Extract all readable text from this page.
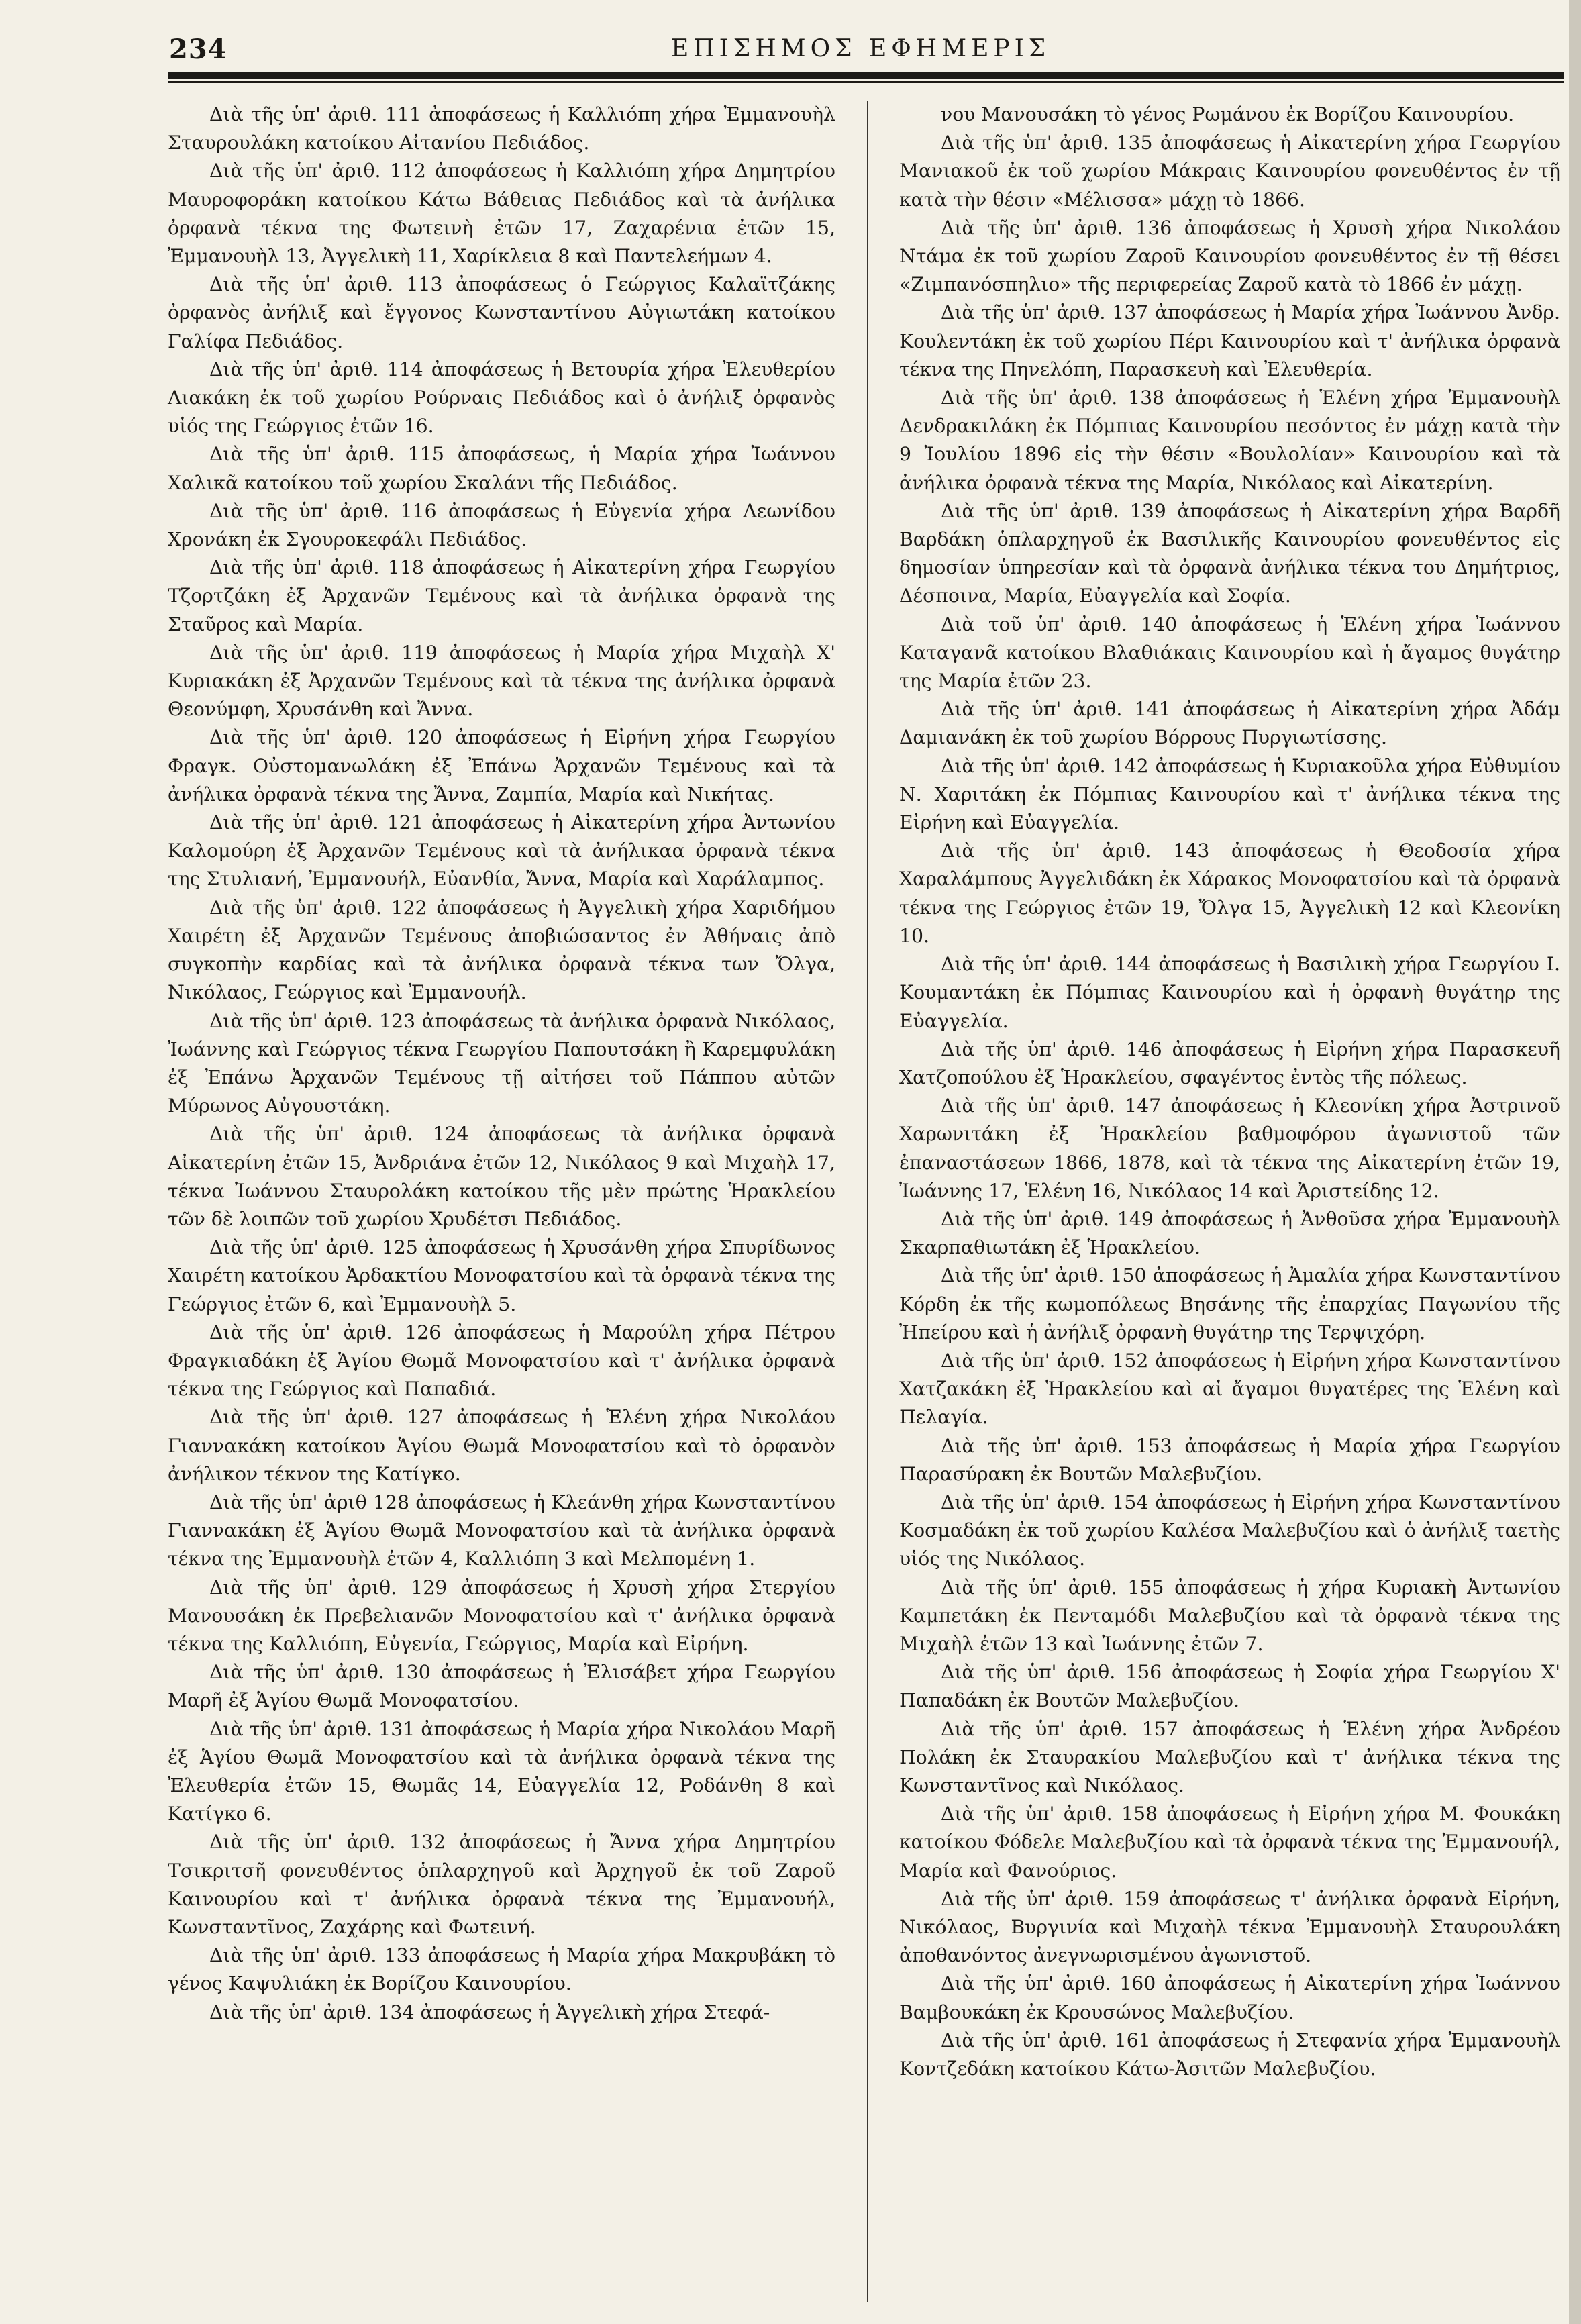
234	ΕΠΙΣΗΜΟΣ ΕΦΗΜΕΡΙΣ

Διὰ τῆς ὑπ' ἀριθ. 111 ἀποφάσεως ἡ Καλλιόπη χήρα Ἐμμανουὴλ Σταυρουλάκη κατοίκου Αἰτανίου Πεδιάδος.

Διὰ τῆς ὑπ' ἀριθ. 112 ἀποφάσεως ἡ Καλλιόπη χήρα Δημητρίου Μαυροφοράκη κατοίκου Κάτω Βάθειας Πεδιάδος καὶ τὰ ἀνήλικα ὀρφανὰ τέκνα της Φωτεινὴ ἐτῶν 17, Ζαχαρένια ἐτῶν 15, Ἐμμανουὴλ 13, Ἀγγελικὴ 11, Χαρίκλεια 8 καὶ Παντελεήμων 4.

Διὰ τῆς ὑπ' ἀριθ. 113 ἀποφάσεως ὁ Γεώργιος Καλαϊτζάκης ὀρφανὸς ἀνήλιξ καὶ ἔγγονος Κωνσταντίνου Αὐγιωτάκη κατοίκου Γαλίφα Πεδιάδος.

Διὰ τῆς ὑπ' ἀριθ. 114 ἀποφάσεως ἡ Βετουρία χήρα Ἐλευθερίου Λιακάκη ἐκ τοῦ χωρίου Ρούρναις Πεδιάδος καὶ ὁ ἀνήλιξ ὀρφανὸς υἱός της Γεώργιος ἐτῶν 16.

Διὰ τῆς ὑπ' ἀριθ. 115 ἀποφάσεως, ἡ Μαρία χήρα Ἰωάννου Χαλικᾶ κατοίκου τοῦ χωρίου Σκαλάνι τῆς Πεδιάδος.

Διὰ τῆς ὑπ' ἀριθ. 116 ἀποφάσεως ἡ Εὐγενία χήρα Λεωνίδου Χρονάκη ἐκ Σγουροκεφάλι Πεδιάδος.

Διὰ τῆς ὑπ' ἀριθ. 118 ἀποφάσεως ἡ Αἰκατερίνη χήρα Γεωργίου Τζορτζάκη ἐξ Ἀρχανῶν Τεμένους καὶ τὰ ἀνήλικα ὀρφανὰ της Σταῦρος καὶ Μαρία.

Διὰ τῆς ὑπ' ἀριθ. 119 ἀποφάσεως ἡ Μαρία χήρα Μιχαὴλ Χ' Κυριακάκη ἐξ Ἀρχανῶν Τεμένους καὶ τὰ τέκνα της ἀνήλικα ὀρφανὰ Θεονύμφη, Χρυσάνθη καὶ Ἄννα.

Διὰ τῆς ὑπ' ἀριθ. 120 ἀποφάσεως ἡ Εἰρήνη χήρα Γεωργίου Φραγκ. Οὐστομανωλάκη ἐξ Ἐπάνω Ἀρχανῶν Τεμένους καὶ τὰ ἀνήλικα ὀρφανὰ τέκνα της Ἄννα, Ζαμπία, Μαρία καὶ Νικήτας.

Διὰ τῆς ὑπ' ἀριθ. 121 ἀποφάσεως ἡ Αἰκατερίνη χήρα Ἀντωνίου Καλομούρη ἐξ Ἀρχανῶν Τεμένους καὶ τὰ ἀνήλικαα ὀρφανὰ τέκνα της Στυλιανή, Ἐμμανουήλ, Εὐανθία, Ἄννα, Μαρία καὶ Χαράλαμπος.

Διὰ τῆς ὑπ' ἀριθ. 122 ἀποφάσεως ἡ Ἀγγελικὴ χήρα Χαριδήμου Χαιρέτη ἐξ Ἀρχανῶν Τεμένους ἀποβιώσαντος ἐν Ἀθήναις ἀπὸ συγκοπὴν καρδίας καὶ τὰ ἀνήλικα ὀρφανὰ τέκνα των Ὄλγα, Νικόλαος, Γεώργιος καὶ Ἐμμανουήλ.

Διὰ τῆς ὑπ' ἀριθ. 123 ἀποφάσεως τὰ ἀνήλικα ὀρφανὰ Νικόλαος, Ἰωάννης καὶ Γεώργιος τέκνα Γεωργίου Παπουτσάκη ἢ Καρεμφυλάκη ἐξ Ἐπάνω Ἀρχανῶν Τεμένους τῇ αἰτήσει τοῦ Πάππου αὐτῶν Μύρωνος Αὐγουστάκη.

Διὰ τῆς ὑπ' ἀριθ. 124 ἀποφάσεως τὰ ἀνήλικα ὀρφανὰ Αἰκατερίνη ἐτῶν 15, Ἀνδριάνα ἐτῶν 12, Νικόλαος 9 καὶ Μιχαὴλ 17, τέκνα Ἰωάννου Σταυρολάκη κατοίκου τῆς μὲν πρώτης Ἡρακλείου τῶν δὲ λοιπῶν τοῦ χωρίου Χρυδέτσι Πεδιάδος.

Διὰ τῆς ὑπ' ἀριθ. 125 ἀποφάσεως ἡ Χρυσάνθη χήρα Σπυρίδωνος Χαιρέτη κατοίκου Ἀρδακτίου Μονοφατσίου καὶ τὰ ὀρφανὰ τέκνα της Γεώργιος ἐτῶν 6, καὶ Ἐμμανουὴλ 5.

Διὰ τῆς ὑπ' ἀριθ. 126 ἀποφάσεως ἡ Μαρούλη χήρα Πέτρου Φραγκιαδάκη ἐξ Ἁγίου Θωμᾶ Μονοφατσίου καὶ τ' ἀνήλικα ὀρφανὰ τέκνα της Γεώργιος καὶ Παπαδιά.

Διὰ τῆς ὑπ' ἀριθ. 127 ἀποφάσεως ἡ Ἑλένη χήρα Νικολάου Γιαννακάκη κατοίκου Ἁγίου Θωμᾶ Μονοφατσίου καὶ τὸ ὀρφανὸν ἀνήλικον τέκνον της Κατίγκο.

Διὰ τῆς ὑπ' ἀριθ 128 ἀποφάσεως ἡ Κλεάνθη χήρα Κωνσταντίνου Γιαννακάκη ἐξ Ἁγίου Θωμᾶ Μονοφατσίου καὶ τὰ ἀνήλικα ὀρφανὰ τέκνα της Ἐμμανουὴλ ἐτῶν 4, Καλλιόπη 3 καὶ Μελπομένη 1.

Διὰ τῆς ὑπ' ἀριθ. 129 ἀποφάσεως ἡ Χρυσὴ χήρα Στεργίου Μανουσάκη ἐκ Πρεβελιανῶν Μονοφατσίου καὶ τ' ἀνήλικα ὀρφανὰ τέκνα της Καλλιόπη, Εὐγενία, Γεώργιος, Μαρία καὶ Εἰρήνη.

Διὰ τῆς ὑπ' ἀριθ. 130 ἀποφάσεως ἡ Ἐλισάβετ χήρα Γεωργίου Μαρῆ ἐξ Ἁγίου Θωμᾶ Μονοφατσίου.

Διὰ τῆς ὑπ' ἀριθ. 131 ἀποφάσεως ἡ Μαρία χήρα Νικολάου Μαρῆ ἐξ Ἁγίου Θωμᾶ Μονοφατσίου καὶ τὰ ἀνήλικα ὀρφανὰ τέκνα της Ἐλευθερία ἐτῶν 15, Θωμᾶς 14, Εὐαγγελία 12, Ροδάνθη 8 καὶ Κατίγκο 6.

Διὰ τῆς ὑπ' ἀριθ. 132 ἀποφάσεως ἡ Ἄννα χήρα Δημητρίου Τσικριτσῆ φονευθέντος ὁπλαρχηγοῦ καὶ Ἀρχηγοῦ ἐκ τοῦ Ζαροῦ Καινουρίου καὶ τ' ἀνήλικα ὀρφανὰ τέκνα της Ἐμμανουήλ, Κωνσταντῖνος, Ζαχάρης καὶ Φωτεινή.

Διὰ τῆς ὑπ' ἀριθ. 133 ἀποφάσεως ἡ Μαρία χήρα Μακρυβάκη τὸ γένος Καψυλιάκη ἐκ Βορίζου Καινουρίου.

Διὰ τῆς ὑπ' ἀριθ. 134 ἀποφάσεως ἡ Ἀγγελικὴ χήρα Στεφά-

νου Μανουσάκη τὸ γένος Ρωμάνου ἐκ Βορίζου Καινουρίου.

Διὰ τῆς ὑπ' ἀριθ. 135 ἀποφάσεως ἡ Αἰκατερίνη χήρα Γεωργίου Μανιακοῦ ἐκ τοῦ χωρίου Μάκραις Καινουρίου φονευθέντος ἐν τῇ κατὰ τὴν θέσιν «Μέλισσα» μάχῃ τὸ 1866.

Διὰ τῆς ὑπ' ἀριθ. 136 ἀποφάσεως ἡ Χρυσὴ χήρα Νικολάου Ντάμα ἐκ τοῦ χωρίου Ζαροῦ Καινουρίου φονευθέντος ἐν τῇ θέσει «Ζιμπανόσπηλιο» τῆς περιφερείας Ζαροῦ κατὰ τὸ 1866 ἐν μάχῃ.

Διὰ τῆς ὑπ' ἀριθ. 137 ἀποφάσεως ἡ Μαρία χήρα Ἰωάννου Ἀνδρ. Κουλεντάκη ἐκ τοῦ χωρίου Πέρι Καινουρίου καὶ τ' ἀνήλικα ὀρφανὰ τέκνα της Πηνελόπη, Παρασκευὴ καὶ Ἐλευθερία.

Διὰ τῆς ὑπ' ἀριθ. 138 ἀποφάσεως ἡ Ἑλένη χήρα Ἐμμανουὴλ Δενδρακιλάκη ἐκ Πόμπιας Καινουρίου πεσόντος ἐν μάχῃ κατὰ τὴν 9 Ἰουλίου 1896 εἰς τὴν θέσιν «Βουλολίαν» Καινουρίου καὶ τὰ ἀνήλικα ὀρφανὰ τέκνα της Μαρία, Νικόλαος καὶ Αἰκατερίνη.

Διὰ τῆς ὑπ' ἀριθ. 139 ἀποφάσεως ἡ Αἰκατερίνη χήρα Βαρδῆ Βαρδάκη ὁπλαρχηγοῦ ἐκ Βασιλικῆς Καινουρίου φονευθέντος εἰς δημοσίαν ὑπηρεσίαν καὶ τὰ ὀρφανὰ ἀνήλικα τέκνα του Δημήτριος, Δέσποινα, Μαρία, Εὐαγγελία καὶ Σοφία.

Διὰ τοῦ ὑπ' ἀριθ. 140 ἀποφάσεως ἡ Ἑλένη χήρα Ἰωάννου Καταγανᾶ κατοίκου Βλαθιάκαις Καινουρίου καὶ ἡ ἄγαμος θυγάτηρ της Μαρία ἐτῶν 23.

Διὰ τῆς ὑπ' ἀριθ. 141 ἀποφάσεως ἡ Αἰκατερίνη χήρα Ἀδάμ Δαμιανάκη ἐκ τοῦ χωρίου Βόρρους Πυργιωτίσσης.

Διὰ τῆς ὑπ' ἀριθ. 142 ἀποφάσεως ἡ Κυριακοῦλα χήρα Εὐθυμίου Ν. Χαριτάκη ἐκ Πόμπιας Καινουρίου καὶ τ' ἀνήλικα τέκνα της Εἰρήνη καὶ Εὐαγγελία.

Διὰ τῆς ὑπ' ἀριθ. 143 ἀποφάσεως ἡ Θεοδοσία χήρα Χαραλάμπους Ἀγγελιδάκη ἐκ Χάρακος Μονοφατσίου καὶ τὰ ὀρφανὰ τέκνα της Γεώργιος ἐτῶν 19, Ὄλγα 15, Ἀγγελικὴ 12 καὶ Κλεονίκη 10.

Διὰ τῆς ὑπ' ἀριθ. 144 ἀποφάσεως ἡ Βασιλικὴ χήρα Γεωργίου Ι. Κουμαντάκη ἐκ Πόμπιας Καινουρίου καὶ ἡ ὀρφανὴ θυγάτηρ της Εὐαγγελία.

Διὰ τῆς ὑπ' ἀριθ. 146 ἀποφάσεως ἡ Εἰρήνη χήρα Παρασκευῆ Χατζοπούλου ἐξ Ἡρακλείου, σφαγέντος ἐντὸς τῆς πόλεως.

Διὰ τῆς ὑπ' ἀριθ. 147 ἀποφάσεως ἡ Κλεονίκη χήρα Ἀστρινοῦ Χαρωνιτάκη ἐξ Ἡρακλείου βαθμοφόρου ἀγωνιστοῦ τῶν ἐπαναστάσεων 1866, 1878, καὶ τὰ τέκνα της Αἰκατερίνη ἐτῶν 19, Ἰωάννης 17, Ἑλένη 16, Νικόλαος 14 καὶ Ἀριστείδης 12.

Διὰ τῆς ὑπ' ἀριθ. 149 ἀποφάσεως ἡ Ἀνθοῦσα χήρα Ἐμμανουὴλ Σκαρπαθιωτάκη ἐξ Ἡρακλείου.

Διὰ τῆς ὑπ' ἀριθ. 150 ἀποφάσεως ἡ Ἀμαλία χήρα Κωνσταντίνου Κόρδη ἐκ τῆς κωμοπόλεως Βησάνης τῆς ἐπαρχίας Παγωνίου τῆς Ἠπείρου καὶ ἡ ἀνήλιξ ὀρφανὴ θυγάτηρ της Τερψιχόρη.

Διὰ τῆς ὑπ' ἀριθ. 152 ἀποφάσεως ἡ Εἰρήνη χήρα Κωνσταντίνου Χατζακάκη ἐξ Ἡρακλείου καὶ αἱ ἄγαμοι θυγατέρες της Ἑλένη καὶ Πελαγία.

Διὰ τῆς ὑπ' ἀριθ. 153 ἀποφάσεως ἡ Μαρία χήρα Γεωργίου Παρασύρακη ἐκ Βουτῶν Μαλεβυζίου.

Διὰ τῆς ὑπ' ἀριθ. 154 ἀποφάσεως ἡ Εἰρήνη χήρα Κωνσταντίνου Κοσμαδάκη ἐκ τοῦ χωρίου Καλέσα Μαλεβυζίου καὶ ὁ ἀνήλιξ ταετὴς υἱός της Νικόλαος.

Διὰ τῆς ὑπ' ἀριθ. 155 ἀποφάσεως ἡ χήρα Κυριακὴ Ἀντωνίου Καμπετάκη ἐκ Πενταμόδι Μαλεβυζίου καὶ τὰ ὀρφανὰ τέκνα της Μιχαὴλ ἐτῶν 13 καὶ Ἰωάννης ἐτῶν 7.

Διὰ τῆς ὑπ' ἀριθ. 156 ἀποφάσεως ἡ Σοφία χήρα Γεωργίου Χ' Παπαδάκη ἐκ Βουτῶν Μαλεβυζίου.

Διὰ τῆς ὑπ' ἀριθ. 157 ἀποφάσεως ἡ Ἑλένη χήρα Ἀνδρέου Πολάκη ἐκ Σταυρακίου Μαλεβυζίου καὶ τ' ἀνήλικα τέκνα της Κωνσταντῖνος καὶ Νικόλαος.

Διὰ τῆς ὑπ' ἀριθ. 158 ἀποφάσεως ἡ Εἰρήνη χήρα Μ. Φουκάκη κατοίκου Φόδελε Μαλεβυζίου καὶ τὰ ὀρφανὰ τέκνα της Ἐμμανουήλ, Μαρία καὶ Φανούριος.

Διὰ τῆς ὑπ' ἀριθ. 159 ἀποφάσεως τ' ἀνήλικα ὀρφανὰ Εἰρήνη, Νικόλαος, Βυργινία καὶ Μιχαὴλ τέκνα Ἐμμανουὴλ Σταυρουλάκη ἀποθανόντος ἀνεγνωρισμένου ἀγωνιστοῦ.

Διὰ τῆς ὑπ' ἀριθ. 160 ἀποφάσεως ἡ Αἰκατερίνη χήρα Ἰωάννου Βαμβουκάκη ἐκ Κρουσώνος Μαλεβυζίου.

Διὰ τῆς ὑπ' ἀριθ. 161 ἀποφάσεως ἡ Στεφανία χήρα Ἐμμανουὴλ Κοντζεδάκη κατοίκου Κάτω-Ἀσιτῶν Μαλεβυζίου.
